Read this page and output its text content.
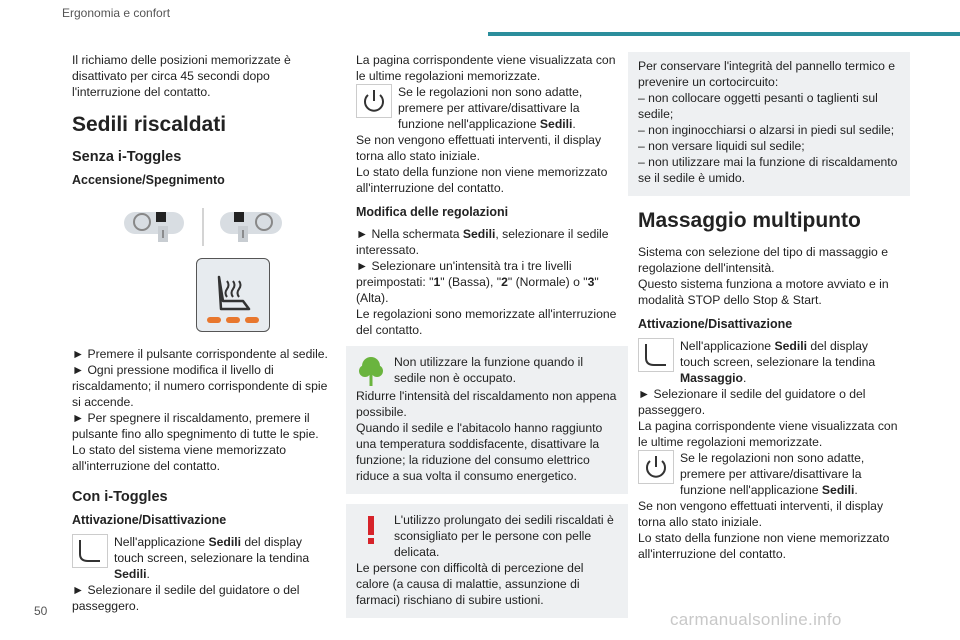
Ergonomia e confort

Il richiamo delle posizioni memorizzate è disattivato per circa 45 secondi dopo l'interruzione del contatto.

Sedili riscaldati
Senza i-Toggles
Accensione/Spegnimento

► Premere il pulsante corrispondente al sedile.

► Ogni pressione modifica il livello di riscaldamento; il numero corrispondente di spie si accende.

► Per spegnere il riscaldamento, premere il pulsante fino allo spegnimento di tutte le spie.

Lo stato del sistema viene memorizzato all'interruzione del contatto.

Con i-Toggles
Attivazione/Disattivazione
Nell'applicazione Sedili del display touch screen, selezionare la tendina Sedili.

► Selezionare il sedile del guidatore o del passeggero.

La pagina corrispondente viene visualizzata con le ultime regolazioni memorizzate.

Se le regolazioni non sono adatte, premere per attivare/disattivare la funzione nell'applicazione Sedili.

Se non vengono effettuati interventi, il display torna allo stato iniziale.

Lo stato della funzione non viene memorizzato all'interruzione del contatto.

Modifica delle regolazioni

► Nella schermata Sedili, selezionare il sedile interessato.

► Selezionare un'intensità tra i tre livelli preimpostati: "1" (Bassa), "2" (Normale) o "3" (Alta).

Le regolazioni sono memorizzate all'interruzione del contatto.

Non utilizzare la funzione quando il sedile non è occupato.

Ridurre l'intensità del riscaldamento non appena possibile.

Quando il sedile e l'abitacolo hanno raggiunto una temperatura soddisfacente, disattivare la funzione; la riduzione del consumo elettrico riduce a sua volta il consumo energetico.

L'utilizzo prolungato dei sedili riscaldati è sconsigliato per le persone con pelle delicata.

Le persone con difficoltà di percezione del calore (a causa di malattie, assunzione di farmaci) rischiano di subire ustioni.

Per conservare l'integrità del pannello termico e prevenire un cortocircuito:

– non collocare oggetti pesanti o taglienti sul sedile;

– non inginocchiarsi o alzarsi in piedi sul sedile;

– non versare liquidi sul sedile;

– non utilizzare mai la funzione di riscaldamento se il sedile è umido.

Massaggio multipunto

Sistema con selezione del tipo di massaggio e regolazione dell'intensità.

Questo sistema funziona a motore avviato e in modalità STOP dello Stop & Start.

Attivazione/Disattivazione
Nell'applicazione Sedili del display touch screen, selezionare la tendina Massaggio.

► Selezionare il sedile del guidatore o del passeggero.

La pagina corrispondente viene visualizzata con le ultime regolazioni memorizzate.

Se le regolazioni non sono adatte, premere per attivare/disattivare la funzione nell'applicazione Sedili.

Se non vengono effettuati interventi, il display torna allo stato iniziale.

Lo stato della funzione non viene memorizzato all'interruzione del contatto.

50	carmanualsonline.info
